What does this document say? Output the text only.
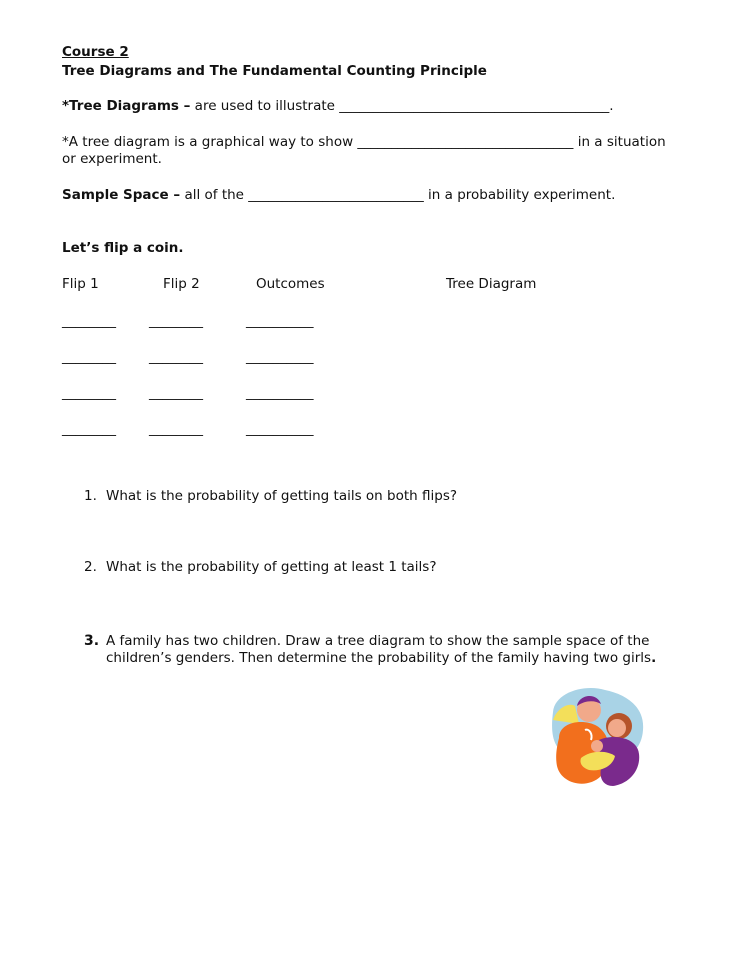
Course 2
Tree Diagrams and The Fundamental Counting Principle
*Tree Diagrams – are used to illustrate ________________________________________.
*A tree diagram is a graphical way to show ________________________________ in a situation
or experiment.
Sample Space – all of the __________________________ in a probability experiment.
Let’s flip a coin.
Flip 1	Flip 2	Outcomes	Tree Diagram
________ ________	__________
________ ________	__________
________ ________	__________
________ ________	__________
1. What is the probability of getting tails on both flips?
2. What is the probability of getting at least 1 tails?
3. A family has two children. Draw a tree diagram to show the sample space of the children’s genders. Then determine the probability of the family having two girls.
